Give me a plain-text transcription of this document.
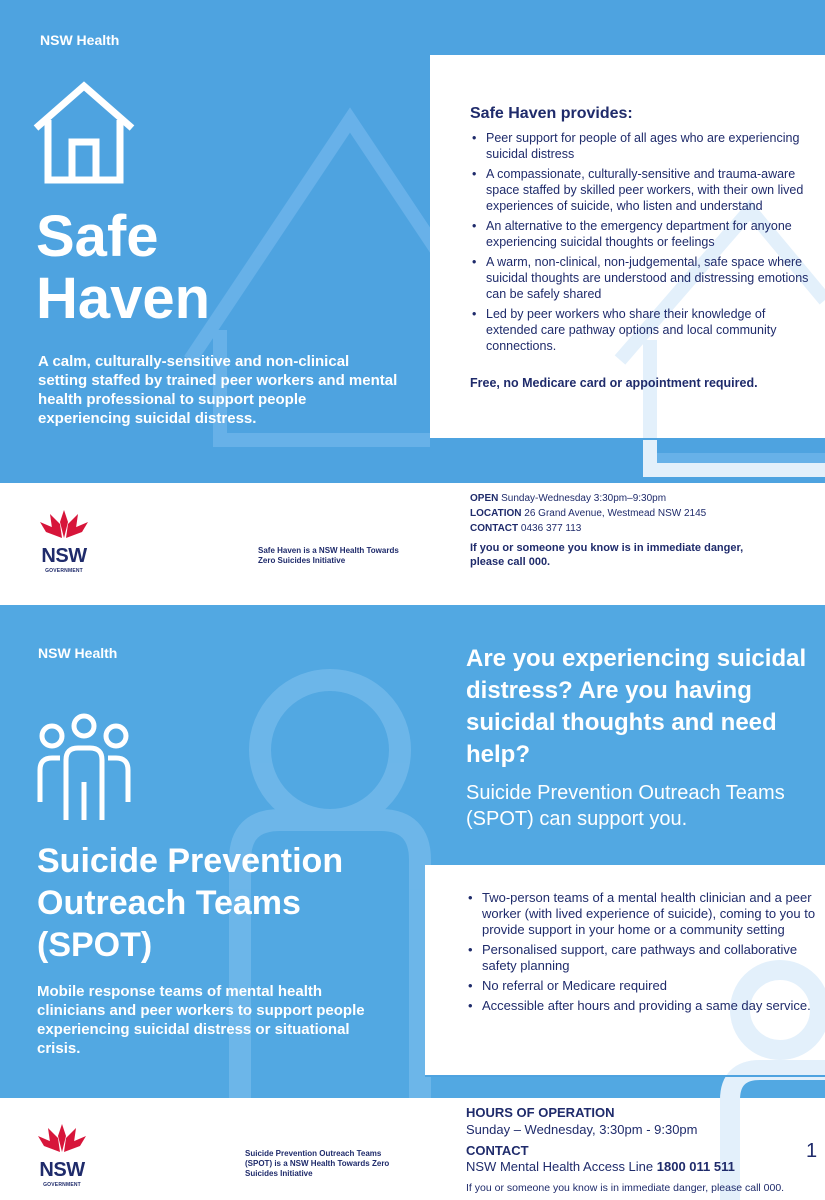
NSW Health
Safe
Haven
A calm, culturally-sensitive and non-clinical setting staffed by trained peer workers and mental health professional to support people experiencing suicidal distress.
Safe Haven provides:
• Peer support for people of all ages who are experiencing suicidal distress
• A compassionate, culturally-sensitive and trauma-aware space staffed by skilled peer workers, with their own lived experiences of suicide, who listen and understand
• An alternative to the emergency department for anyone experiencing suicidal thoughts or feelings
• A warm, non-clinical, non-judgemental, safe space where suicidal thoughts are understood and distressing emotions can be safely shared
• Led by peer workers who share their knowledge of extended care pathway options and local community connections.
Free, no Medicare card or appointment required.
OPEN Sunday-Wednesday 3:30pm–9:30pm
LOCATION 26 Grand Avenue, Westmead NSW 2145
CONTACT 0436 377 113
If you or someone you know is in immediate danger, please call 000.
NSW
GOVERNMENT
Safe Haven is a NSW Health Towards Zero Suicides Initiative
NSW Health
Suicide Prevention Outreach Teams (SPOT)
Mobile response teams of mental health clinicians and peer workers to support people experiencing suicidal distress or situational crisis.
Are you experiencing suicidal distress? Are you having suicidal thoughts and need help?
Suicide Prevention Outreach Teams (SPOT) can support you.
• Two-person teams of a mental health clinician and a peer worker (with lived experience of suicide), coming to you to provide support in your home or a community setting
• Personalised support, care pathways and collaborative safety planning
• No referral or Medicare required
• Accessible after hours and providing a same day service.
HOURS OF OPERATION
Sunday – Wednesday, 3:30pm - 9:30pm
CONTACT
NSW Mental Health Access Line 1800 011 511
If you or someone you know is in immediate danger, please call 000.
NSW
GOVERNMENT
Suicide Prevention Outreach Teams (SPOT) is a NSW Health Towards Zero Suicides Initiative
1
